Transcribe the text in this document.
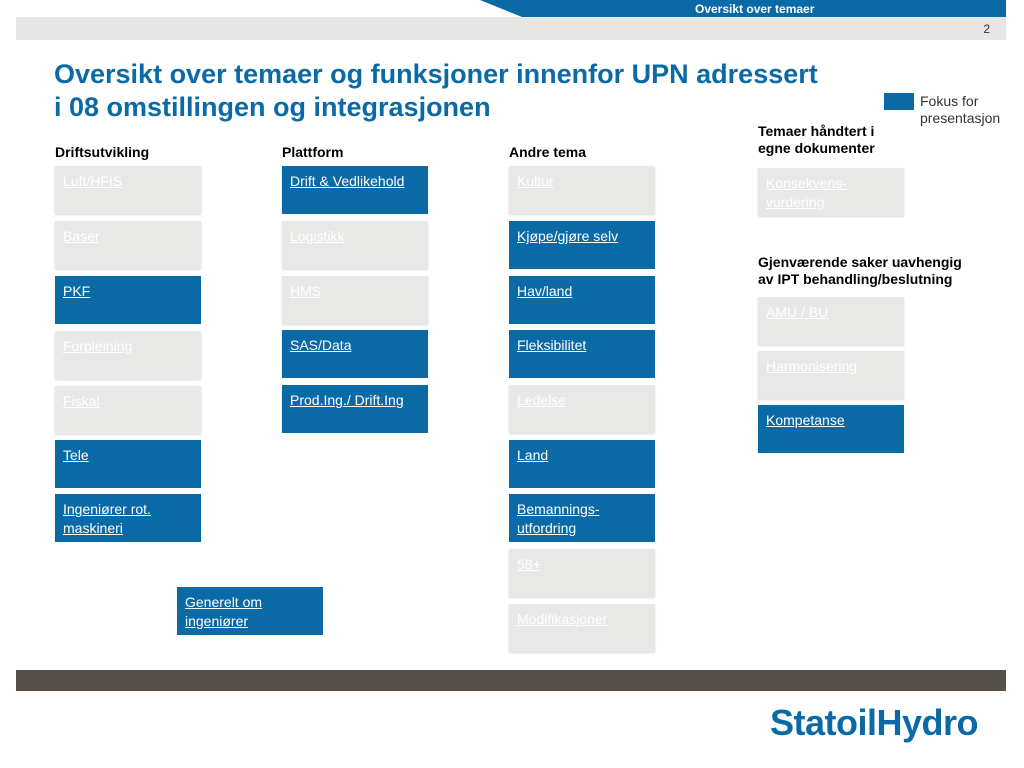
Oversikt over temaer
2
Oversikt over temaer og funksjoner innenfor UPN adressert
i 08 omstillingen og integrasjonen	Fokus for
presentasjon
Driftsutvikling	Plattform	Andre tema
Temaer håndtert i
egne dokumenter
Gjenværende saker uavhengig
av IPT behandling/beslutning
Luft/HFIS
Baser
PKF
Forpleining
Fiskal
Tele
Ingeniører rot. maskineri
Drift & Vedlikehold
Logistikk
HMS
SAS/Data
Prod.Ing./ Drift.Ing
Kultur
Kjøpe/gjøre selv
Hav/land
Fleksibilitet
Ledelse
Land
Bemannings-utfordring
58+
Modifikasjoner
Konsekvens-vurdering
AMU / BU
Harmonisering
Kompetanse
Generelt om ingeniører
StatoilHydro
